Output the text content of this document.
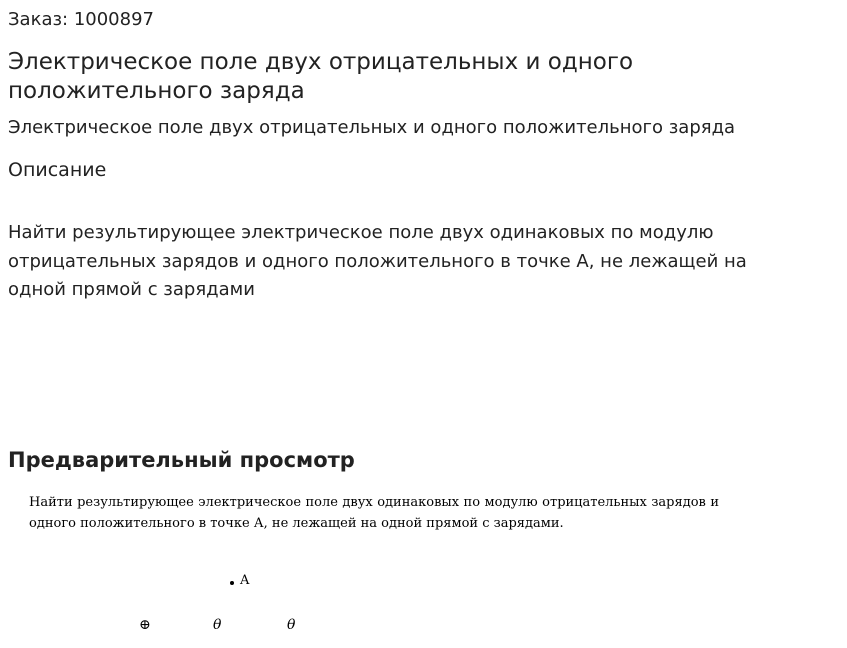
Заказ: 1000897
Электрическое поле двух отрицательных и одного положительного заряда
Электрическое поле двух отрицательных и одного положительного заряда
Описание

Найти результирующее электрическое поле двух одинаковых по модулю отрицательных зарядов и одного положительного в точке А, не лежащей на одной прямой с зарядами

Предварительный просмотр

Найти результирующее электрическое поле двух одинаковых по модулю отрицательных зарядов и одного положительного в точке А, не лежащей на одной прямой с зарядами.

A
⊕	θ	θ
